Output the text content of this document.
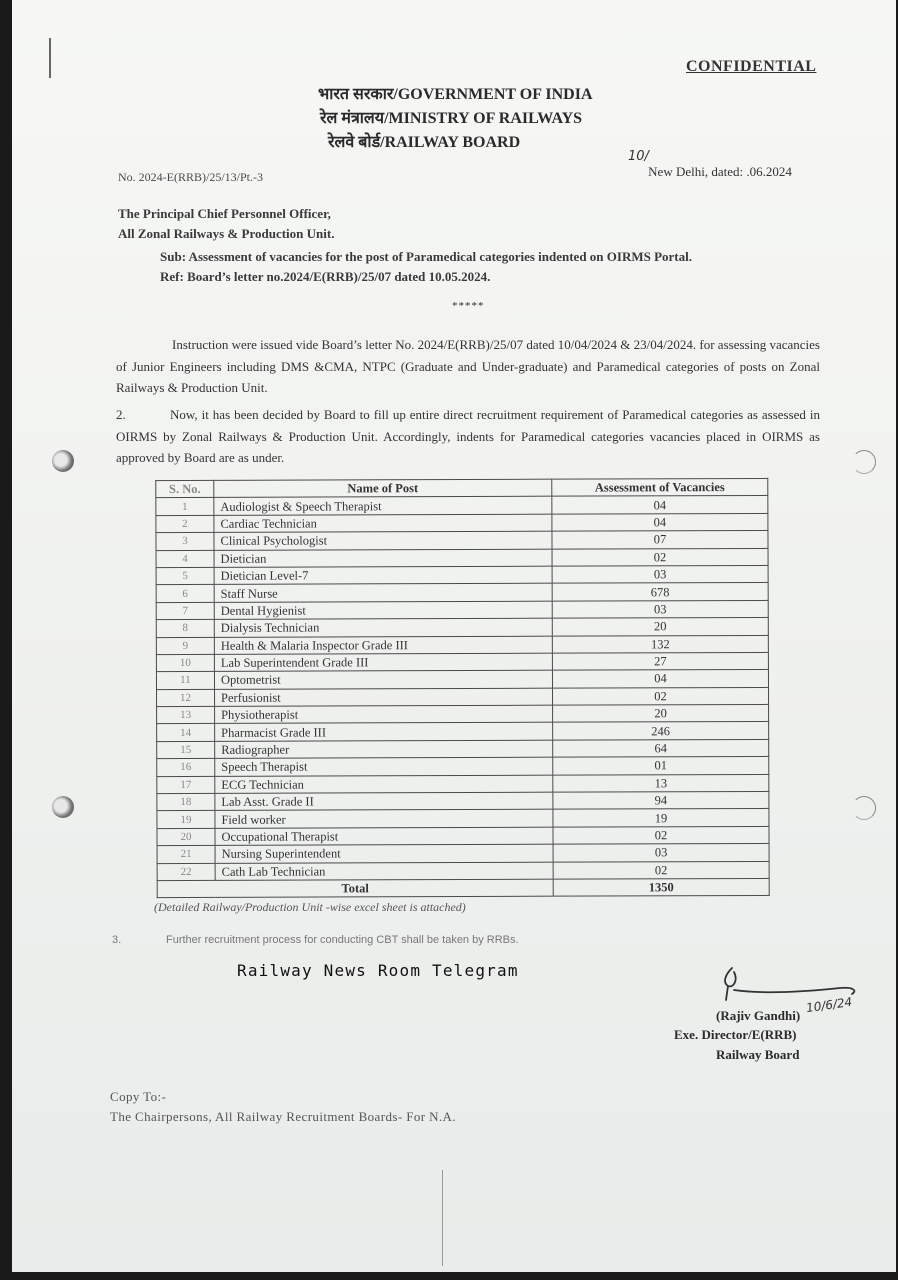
CONFIDENTIAL
भारत सरकार/GOVERNMENT OF INDIA
रेल मंत्रालय/MINISTRY OF RAILWAYS
रेलवे बोर्ड/RAILWAY BOARD
No. 2024-E(RRB)/25/13/Pt.-3
10/ New Delhi, dated: .06.2024
The Principal Chief Personnel Officer,
All Zonal Railways & Production Unit.
Sub: Assessment of vacancies for the post of Paramedical categories indented on OIRMS Portal.
Ref: Board’s letter no.2024/E(RRB)/25/07 dated 10.05.2024.
*****
Instruction were issued vide Board’s letter No. 2024/E(RRB)/25/07 dated 10/04/2024 & 23/04/2024. for assessing vacancies of Junior Engineers including DMS &CMA, NTPC (Graduate and Under-graduate) and Paramedical categories of posts on Zonal Railways & Production Unit.
2.	Now, it has been decided by Board to fill up entire direct recruitment requirement of Paramedical categories as assessed in OIRMS by Zonal Railways & Production Unit. Accordingly, indents for Paramedical categories vacancies placed in OIRMS as approved by Board are as under.
S. No.	Name of Post	Assessment of Vacancies
1	Audiologist & Speech Therapist	04
2	Cardiac Technician	04
3	Clinical Psychologist	07
4	Dietician	02
5	Dietician Level-7	03
6	Staff Nurse	678
7	Dental Hygienist	03
8	Dialysis Technician	20
9	Health & Malaria Inspector Grade III	132
10	Lab Superintendent Grade III	27
11	Optometrist	04
12	Perfusionist	02
13	Physiotherapist	20
14	Pharmacist Grade III	246
15	Radiographer	64
16	Speech Therapist	01
17	ECG Technician	13
18	Lab Asst. Grade II	94
19	Field worker	19
20	Occupational Therapist	02
21	Nursing Superintendent	03
22	Cath Lab Technician	02
Total		1350
(Detailed Railway/Production Unit -wise excel sheet is attached)
3.	Further recruitment process for conducting CBT shall be taken by RRBs.
Railway News Room Telegram
10/6/24
(Rajiv Gandhi)
Exe. Director/E(RRB)
Railway Board
Copy To:-
The Chairpersons, All Railway Recruitment Boards- For N.A.
